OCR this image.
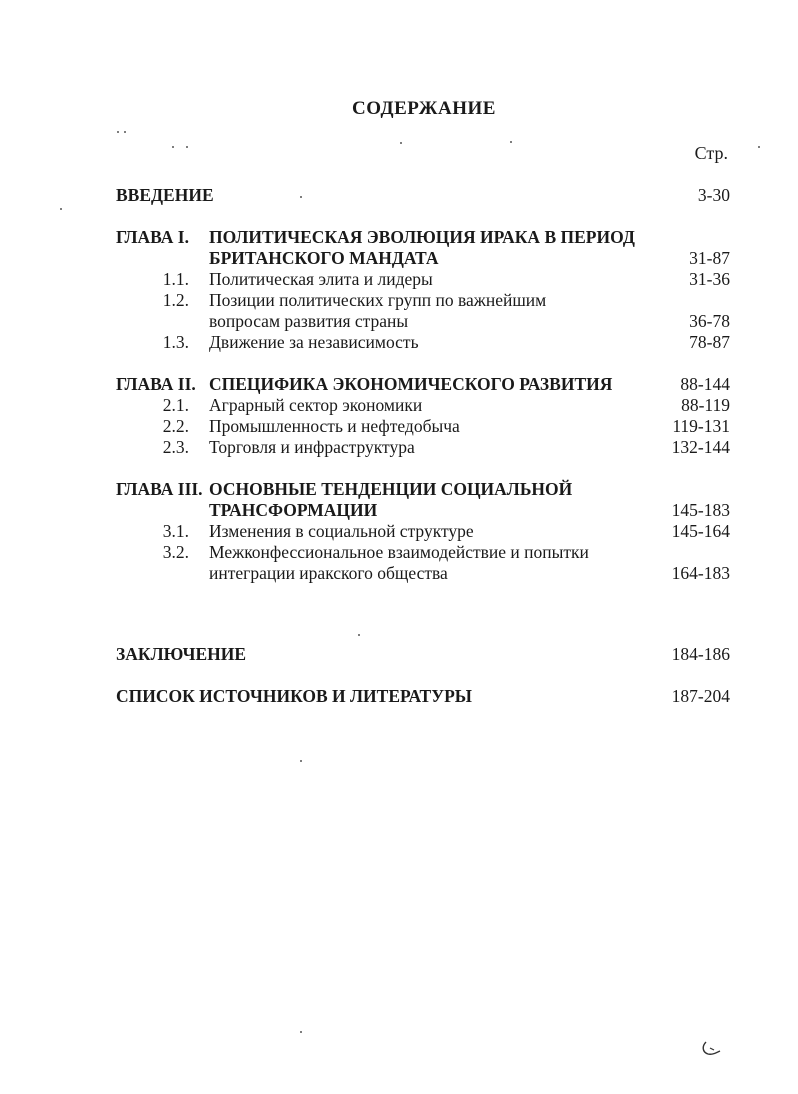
СОДЕРЖАНИЕ
Стр.
ВВЕДЕНИЕ	3-30
ГЛАВА I. ПОЛИТИЧЕСКАЯ ЭВОЛЮЦИЯ ИРАКА В ПЕРИОД
БРИТАНСКОГО МАНДАТА	31-87
1.1. Политическая элита и лидеры	31-36
1.2. Позиции политических групп по важнейшим
вопросам развития страны	36-78
1.3. Движение за независимость	78-87
ГЛАВА II. СПЕЦИФИКА ЭКОНОМИЧЕСКОГО РАЗВИТИЯ	88-144
2.1. Аграрный сектор экономики	88-119
2.2. Промышленность и нефтедобыча	119-131
2.3. Торговля и инфраструктура	132-144
ГЛАВА III. ОСНОВНЫЕ ТЕНДЕНЦИИ СОЦИАЛЬНОЙ
ТРАНСФОРМАЦИИ	145-183
3.1. Изменения в социальной структуре	145-164
3.2. Межконфессиональное взаимодействие и попытки
интеграции иракского общества	164-183
ЗАКЛЮЧЕНИЕ	184-186
СПИСОК ИСТОЧНИКОВ И ЛИТЕРАТУРЫ	187-204
